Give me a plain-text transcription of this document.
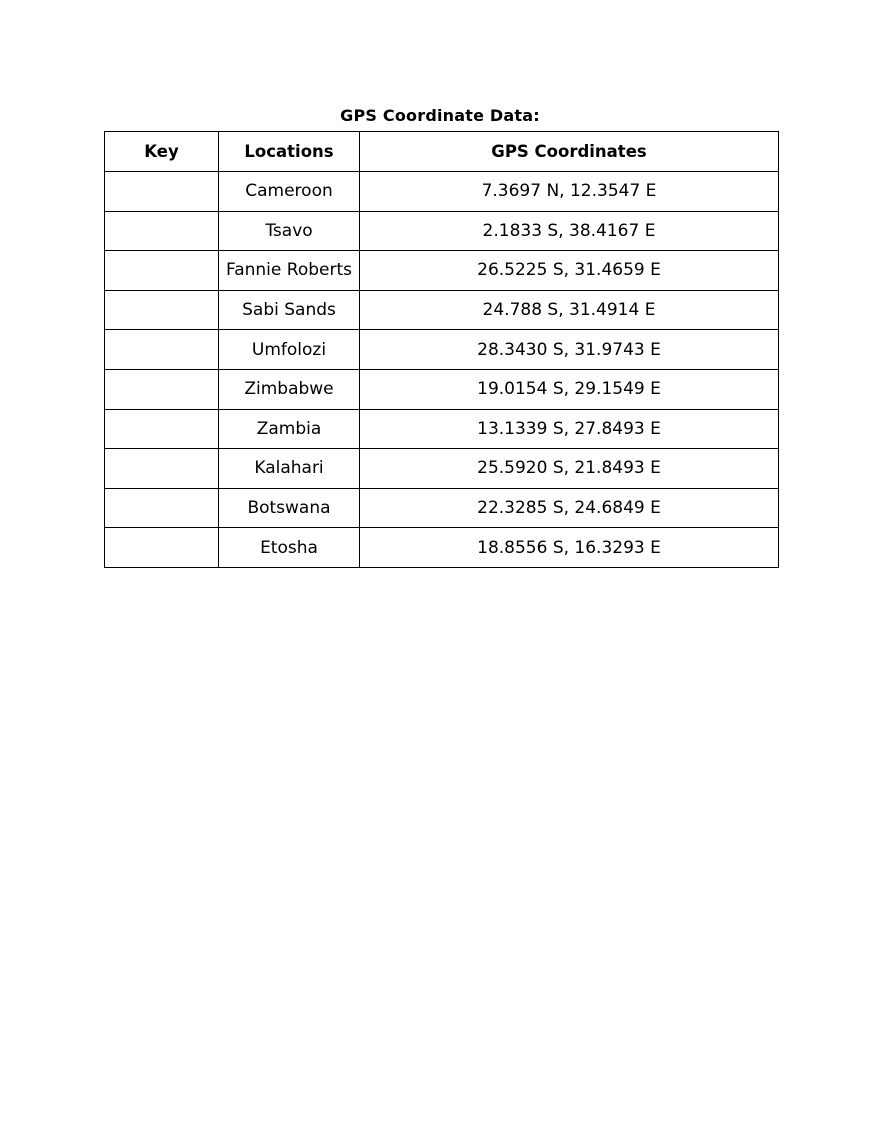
GPS Coordinate Data:
Key	Locations	GPS Coordinates
	Cameroon	7.3697 N, 12.3547 E
	Tsavo	2.1833 S, 38.4167 E
	Fannie Roberts	26.5225 S, 31.4659 E
	Sabi Sands	24.788 S, 31.4914 E
	Umfolozi	28.3430 S, 31.9743 E
	Zimbabwe	19.0154 S, 29.1549 E
	Zambia	13.1339 S, 27.8493 E
	Kalahari	25.5920 S, 21.8493 E
	Botswana	22.3285 S, 24.6849 E
	Etosha	18.8556 S, 16.3293 E
